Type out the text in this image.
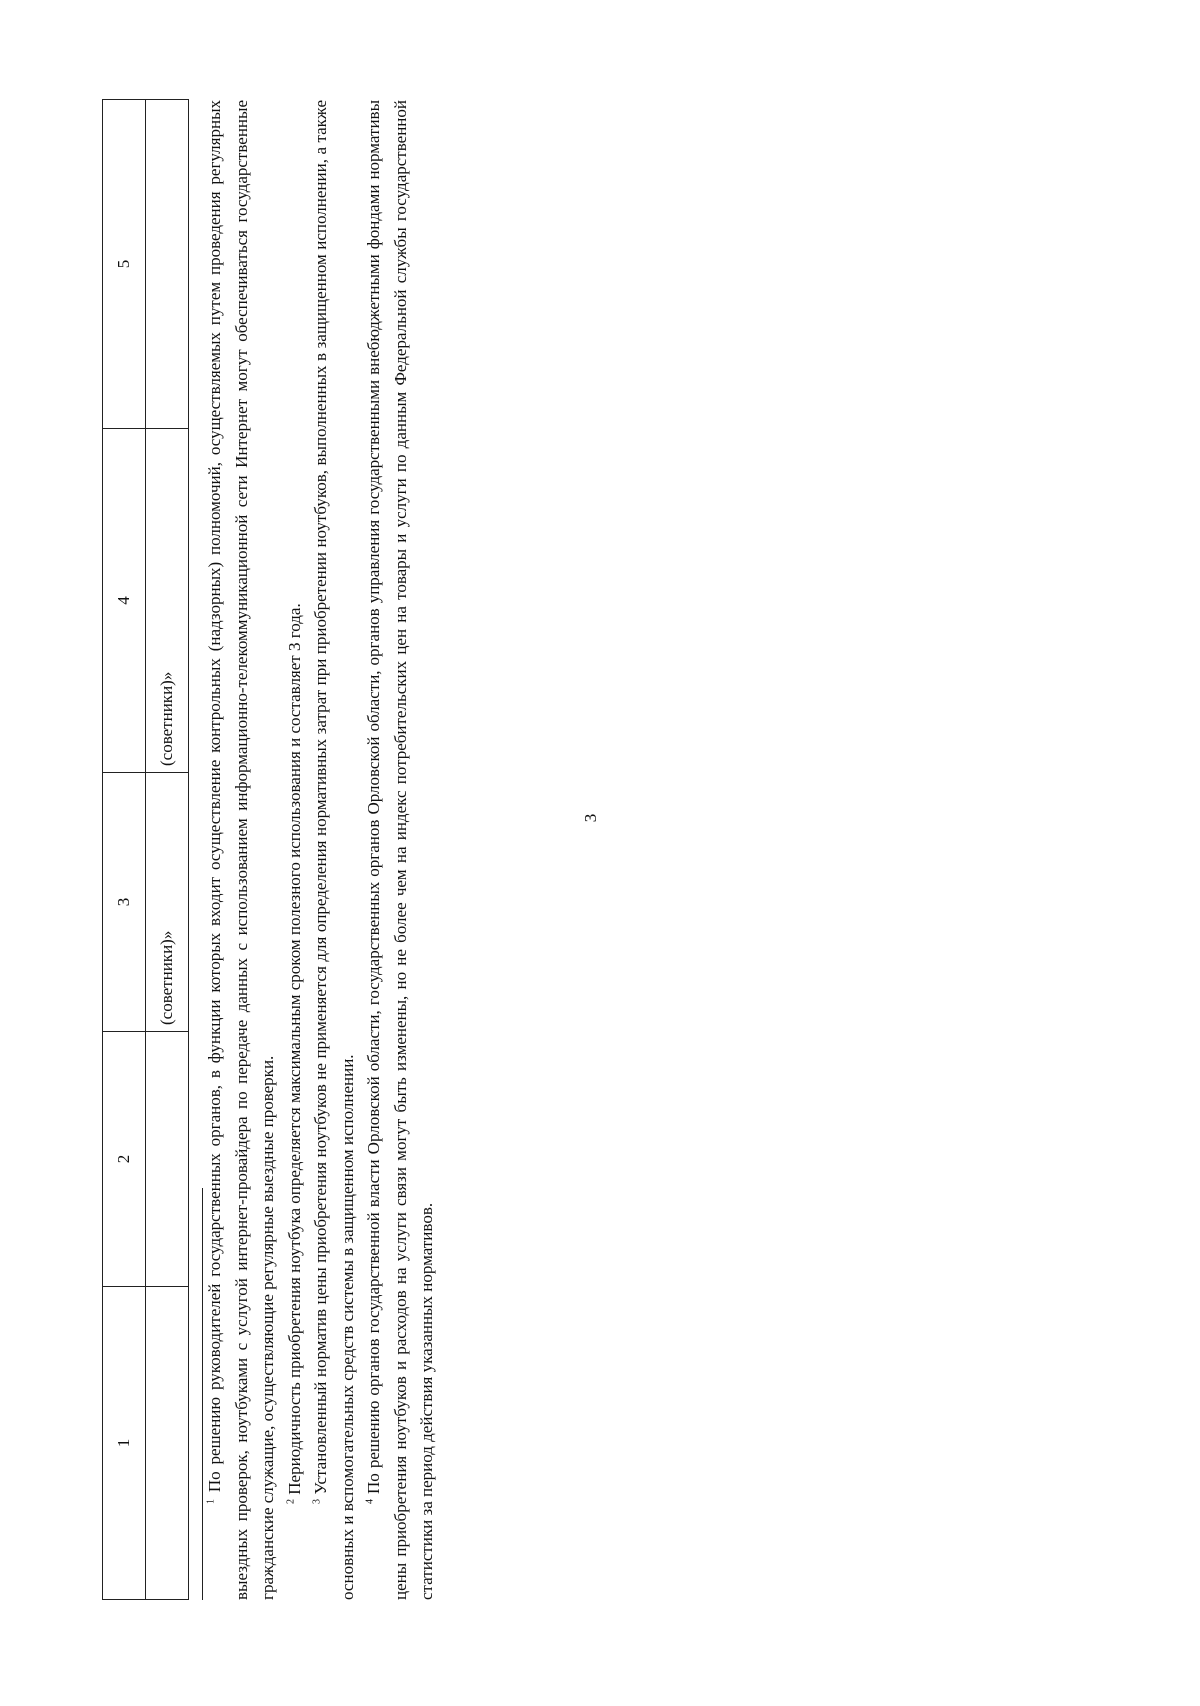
3
1	2	3	4	5
		(советники)»	(советники)»	

$^1$ По решению руководителей государственных органов, в функции которых входит осуществление контрольных (надзорных) полномочий, осуществляемых путем проведения регулярных выездных проверок, ноутбуками с услугой интернет-провайдера по передаче данных с использованием информационно-телекоммуникационной сети Интернет могут обеспечиваться государственные гражданские служащие, осуществляющие регулярные выездные проверки. $^2$ Периодичность приобретения ноутбука определяется максимальным сроком полезного использования и составляет 3 года.

$^3$ Установленный норматив цены приобретения ноутбуков не применяется для определения нормативных затрат при приобретении ноутбуков, выполненных в защищенном исполнении, а также основных и вспомогательных средств системы в защищенном исполнении. $^4$ По решению органов государственной власти Орловской области, государственных органов Орловской области, органов управления государственными внебюджетными фондами нормативы цены приобретения ноутбуков и расходов на услуги связи могут быть изменены, но не более чем на индекс потребительских цен на товары и услуги по данным Федеральной службы государственной статистики за период действия указанных нормативов.
